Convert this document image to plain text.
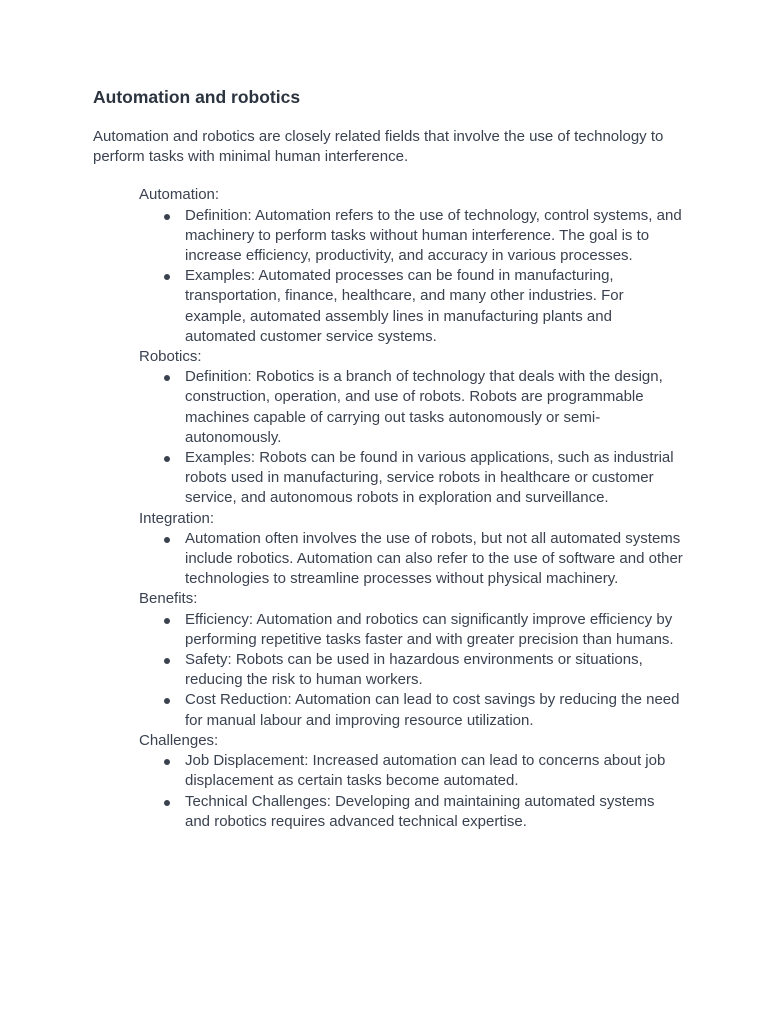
Automation and robotics

Automation and robotics are closely related fields that involve the use of technology to perform tasks with minimal human interference.

Automation:

Definition: Automation refers to the use of technology, control systems, and machinery to perform tasks without human interference. The goal is to increase efficiency, productivity, and accuracy in various processes.
Examples: Automated processes can be found in manufacturing, transportation, finance, healthcare, and many other industries. For example, automated assembly lines in manufacturing plants and automated customer service systems.

Robotics:

Definition: Robotics is a branch of technology that deals with the design, construction, operation, and use of robots. Robots are programmable machines capable of carrying out tasks autonomously or semi-autonomously.
Examples: Robots can be found in various applications, such as industrial robots used in manufacturing, service robots in healthcare or customer service, and autonomous robots in exploration and surveillance.

Integration:

Automation often involves the use of robots, but not all automated systems include robotics. Automation can also refer to the use of software and other technologies to streamline processes without physical machinery.

Benefits:

Efficiency: Automation and robotics can significantly improve efficiency by performing repetitive tasks faster and with greater precision than humans.
Safety: Robots can be used in hazardous environments or situations, reducing the risk to human workers.
Cost Reduction: Automation can lead to cost savings by reducing the need for manual labour and improving resource utilization.

Challenges:

Job Displacement: Increased automation can lead to concerns about job displacement as certain tasks become automated.
Technical Challenges: Developing and maintaining automated systems and robotics requires advanced technical expertise.
